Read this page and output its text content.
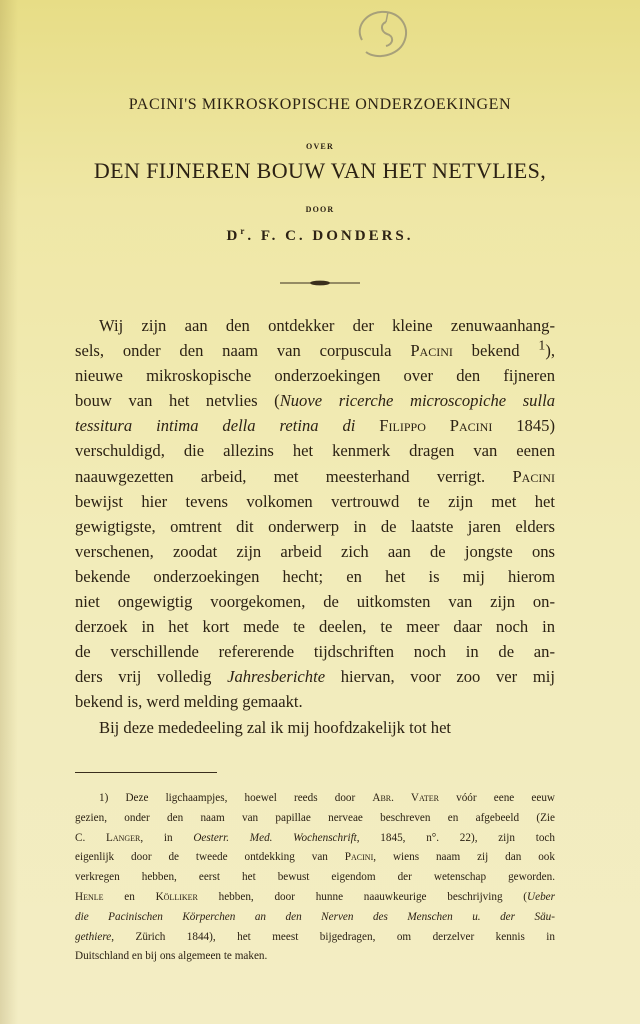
PACINI'S MIKROSKOPISCHE ONDERZOEKINGEN

OVER

DEN FIJNEREN BOUW VAN HET NETVLIES,

DOOR

$D^r$. F. C. DONDERS.

Wij zijn aan den ontdekker der kleine zenuwaanhang-
sels, onder den naam van corpuscula Pacini bekend $^1$),
nieuwe mikroskopische onderzoekingen over den fijneren
bouw van het netvlies (Nuove ricerche microscopiche sulla
tessitura intima della retina di Filippo Pacini 1845)
verschuldigd, die allezins het kenmerk dragen van eenen
naauwgezetten arbeid, met meesterhand verrigt. Pacini
bewijst hier tevens volkomen vertrouwd te zijn met het
gewigtigste, omtrent dit onderwerp in de laatste jaren elders
verschenen, zoodat zijn arbeid zich aan de jongste ons
bekende onderzoekingen hecht; en het is mij hierom
niet ongewigtig voorgekomen, de uitkomsten van zijn on-
derzoek in het kort mede te deelen, te meer daar noch in
de verschillende refererende tijdschriften noch in de an-
ders vrij volledig Jahresberichte hiervan, voor zoo ver mij
bekend is, werd melding gemaakt.
Bij deze mededeeling zal ik mij hoofdzakelijk tot het
1) Deze ligchaampjes, hoewel reeds door Abr. Vater vóór eene eeuw
gezien, onder den naam van papillae nerveae beschreven en afgebeeld (Zie
C. Langer, in Oesterr. Med. Wochenschrift, 1845, n°. 22), zijn toch
eigenlijk door de tweede ontdekking van Pacini, wiens naam zij dan ook
verkregen hebben, eerst het bewust eigendom der wetenschap geworden.
Henle en Kölliker hebben, door hunne naauwkeurige beschrijving (Ueber
die Pacinischen Körperchen an den Nerven des Menschen u. der Säu-
gethiere, Zürich 1844), het meest bijgedragen, om derzelver kennis in
Duitschland en bij ons algemeen te maken.
